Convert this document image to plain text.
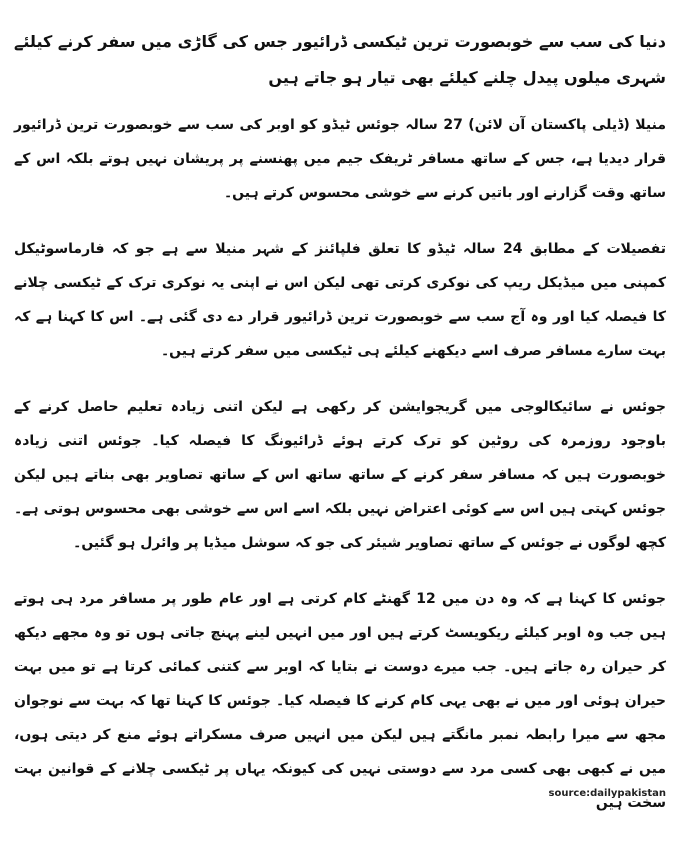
دنیا کی سب سے خوبصورت ترین ٹیکسی ڈرائیور جس کی گاڑی میں سفر کرنے کیلئے شہری میلوں پیدل چلنے کیلئے بھی تیار ہو جاتے ہیں

منیلا (ڈیلی پاکستان آن لائن) 27 سالہ جوئس ٹیڈو کو اوبر کی سب سے خوبصورت ترین ڈرائیور قرار دیدیا ہے، جس کے ساتھ مسافر ٹریفک جیم میں پھنسنے پر پریشان نہیں ہوتے بلکہ اس کے ساتھ وقت گزارنے اور باتیں کرنے سے خوشی محسوس کرتے ہیں۔

تفصیلات کے مطابق 24 سالہ ٹیڈو کا تعلق فلپائنز کے شہر منیلا سے ہے جو کہ فارماسوٹیکل کمپنی میں میڈیکل ریپ کی نوکری کرتی تھی لیکن اس نے اپنی یہ نوکری ترک کے ٹیکسی چلانے کا فیصلہ کیا اور وہ آج سب سے خوبصورت ترین ڈرائیور قرار دے دی گئی ہے۔ اس کا کہنا ہے کہ بہت سارے مسافر صرف اسے دیکھنے کیلئے ہی ٹیکسی میں سفر کرتے ہیں۔

جوئس نے سائیکالوجی میں گریجوایشن کر رکھی ہے لیکن اتنی زیادہ تعلیم حاصل کرنے کے باوجود روزمرہ کی روٹین کو ترک کرتے ہوئے ڈرائیونگ کا فیصلہ کیا۔ جوئس اتنی زیادہ خوبصورت ہیں کہ مسافر سفر کرنے کے ساتھ ساتھ اس کے ساتھ تصاویر بھی بناتے ہیں لیکن جوئس کہتی ہیں اس سے کوئی اعتراض نہیں بلکہ اسے اس سے خوشی بھی محسوس ہوتی ہے۔ کچھ لوگوں نے جوئس کے ساتھ تصاویر شیئر کی جو کہ سوشل میڈیا پر وائرل ہو گئیں۔

جوئس کا کہنا ہے کہ وہ دن میں 12 گھنٹے کام کرتی ہے اور عام طور پر مسافر مرد ہی ہوتے ہیں جب وہ اوبر کیلئے ریکویسٹ کرتے ہیں اور میں انہیں لینے پہنچ جاتی ہوں تو وہ مجھے دیکھ کر حیران رہ جاتے ہیں۔ جب میرے دوست نے بتایا کہ اوبر سے کتنی کمائی کرتا ہے تو میں بہت حیران ہوئی اور میں نے بھی یہی کام کرنے کا فیصلہ کیا۔ جوئس کا کہنا تھا کہ بہت سے نوجوان مجھ سے میرا رابطہ نمبر مانگتے ہیں لیکن میں انہیں صرف مسکراتے ہوئے منع کر دیتی ہوں، میں نے کبھی بھی کسی مرد سے دوستی نہیں کی کیونکہ یہاں پر ٹیکسی چلانے کے قوانین بہت سخت ہیں

source:dailypakistan
